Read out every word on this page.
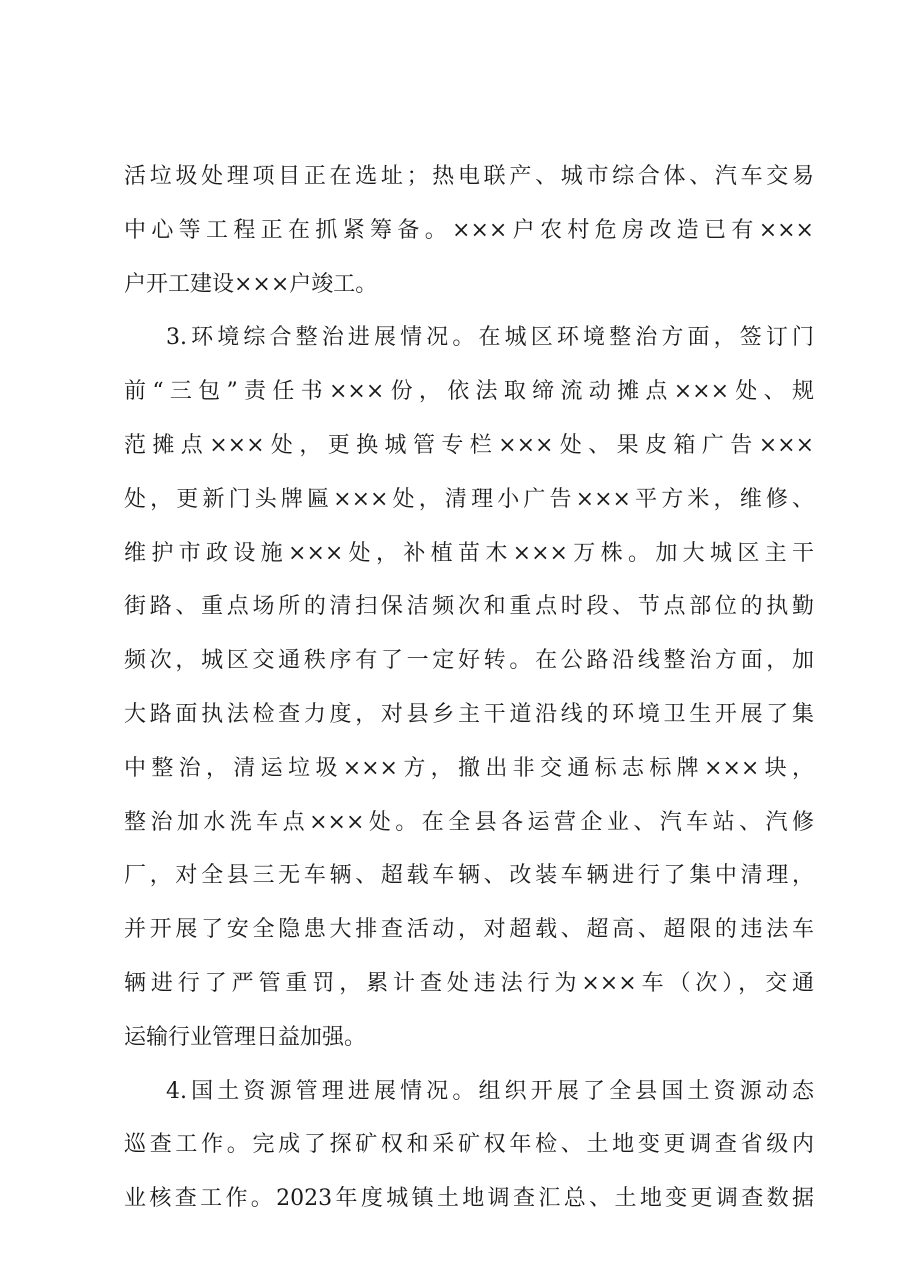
活垃圾处理项目正在选址；热电联产、城市综合体、汽车交易
中心等工程正在抓紧筹备。×××户农村危房改造已有×××
户开工建设×××户竣工。
3.环境综合整治进展情况。在城区环境整治方面，签订门
前“三包”责任书×××份，依法取缔流动摊点×××处、规
范摊点×××处，更换城管专栏×××处、果皮箱广告×××
处，更新门头牌匾×××处，清理小广告×××平方米，维修、
维护市政设施×××处，补植苗木×××万株。加大城区主干
街路、重点场所的清扫保洁频次和重点时段、节点部位的执勤
频次，城区交通秩序有了一定好转。在公路沿线整治方面，加
大路面执法检查力度，对县乡主干道沿线的环境卫生开展了集
中整治，清运垃圾×××方，撤出非交通标志标牌×××块，
整治加水洗车点×××处。在全县各运营企业、汽车站、汽修
厂，对全县三无车辆、超载车辆、改装车辆进行了集中清理，
并开展了安全隐患大排查活动，对超载、超高、超限的违法车
辆进行了严管重罚，累计查处违法行为×××车（次），交通
运输行业管理日益加强。
4.国土资源管理进展情况。组织开展了全县国土资源动态
巡查工作。完成了探矿权和采矿权年检、土地变更调查省级内
业核查工作。2023年度城镇土地调查汇总、土地变更调查数据
